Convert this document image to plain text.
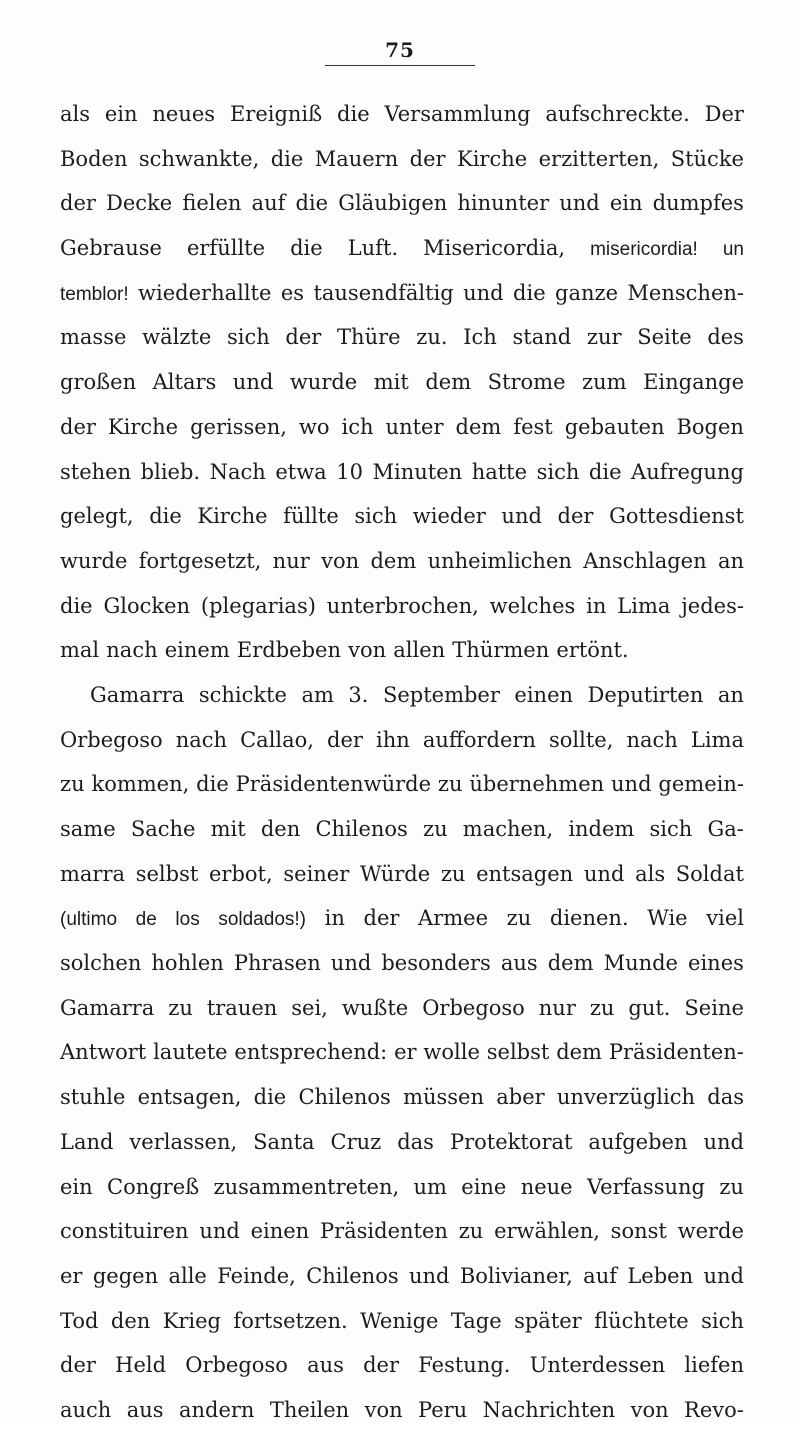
75
als ein neues Ereigniß die Versammlung aufschreckte. Der
Boden schwankte, die Mauern der Kirche erzitterten, Stücke
der Decke fielen auf die Gläubigen hinunter und ein dumpfes
Gebrause erfüllte die Luft. Misericordia, misericordia! un
temblor! wiederhallte es tausendfältig und die ganze Menschen-
masse wälzte sich der Thüre zu. Ich stand zur Seite des
großen Altars und wurde mit dem Strome zum Eingange
der Kirche gerissen, wo ich unter dem fest gebauten Bogen
stehen blieb. Nach etwa 10 Minuten hatte sich die Aufregung
gelegt, die Kirche füllte sich wieder und der Gottesdienst
wurde fortgesetzt, nur von dem unheimlichen Anschlagen an
die Glocken (plegarias) unterbrochen, welches in Lima jedes-
mal nach einem Erdbeben von allen Thürmen ertönt.
Gamarra schickte am 3. September einen Deputirten an
Orbegoso nach Callao, der ihn auffordern sollte, nach Lima
zu kommen, die Präsidentenwürde zu übernehmen und gemein-
same Sache mit den Chilenos zu machen, indem sich Ga-
marra selbst erbot, seiner Würde zu entsagen und als Soldat
(ultimo de los soldados!) in der Armee zu dienen. Wie viel
solchen hohlen Phrasen und besonders aus dem Munde eines
Gamarra zu trauen sei, wußte Orbegoso nur zu gut. Seine
Antwort lautete entsprechend: er wolle selbst dem Präsidenten-
stuhle entsagen, die Chilenos müssen aber unverzüglich das
Land verlassen, Santa Cruz das Protektorat aufgeben und
ein Congreß zusammentreten, um eine neue Verfassung zu
constituiren und einen Präsidenten zu erwählen, sonst werde
er gegen alle Feinde, Chilenos und Bolivianer, auf Leben und
Tod den Krieg fortsetzen. Wenige Tage später flüchtete sich
der Held Orbegoso aus der Festung. Unterdessen liefen
auch aus andern Theilen von Peru Nachrichten von Revo-
